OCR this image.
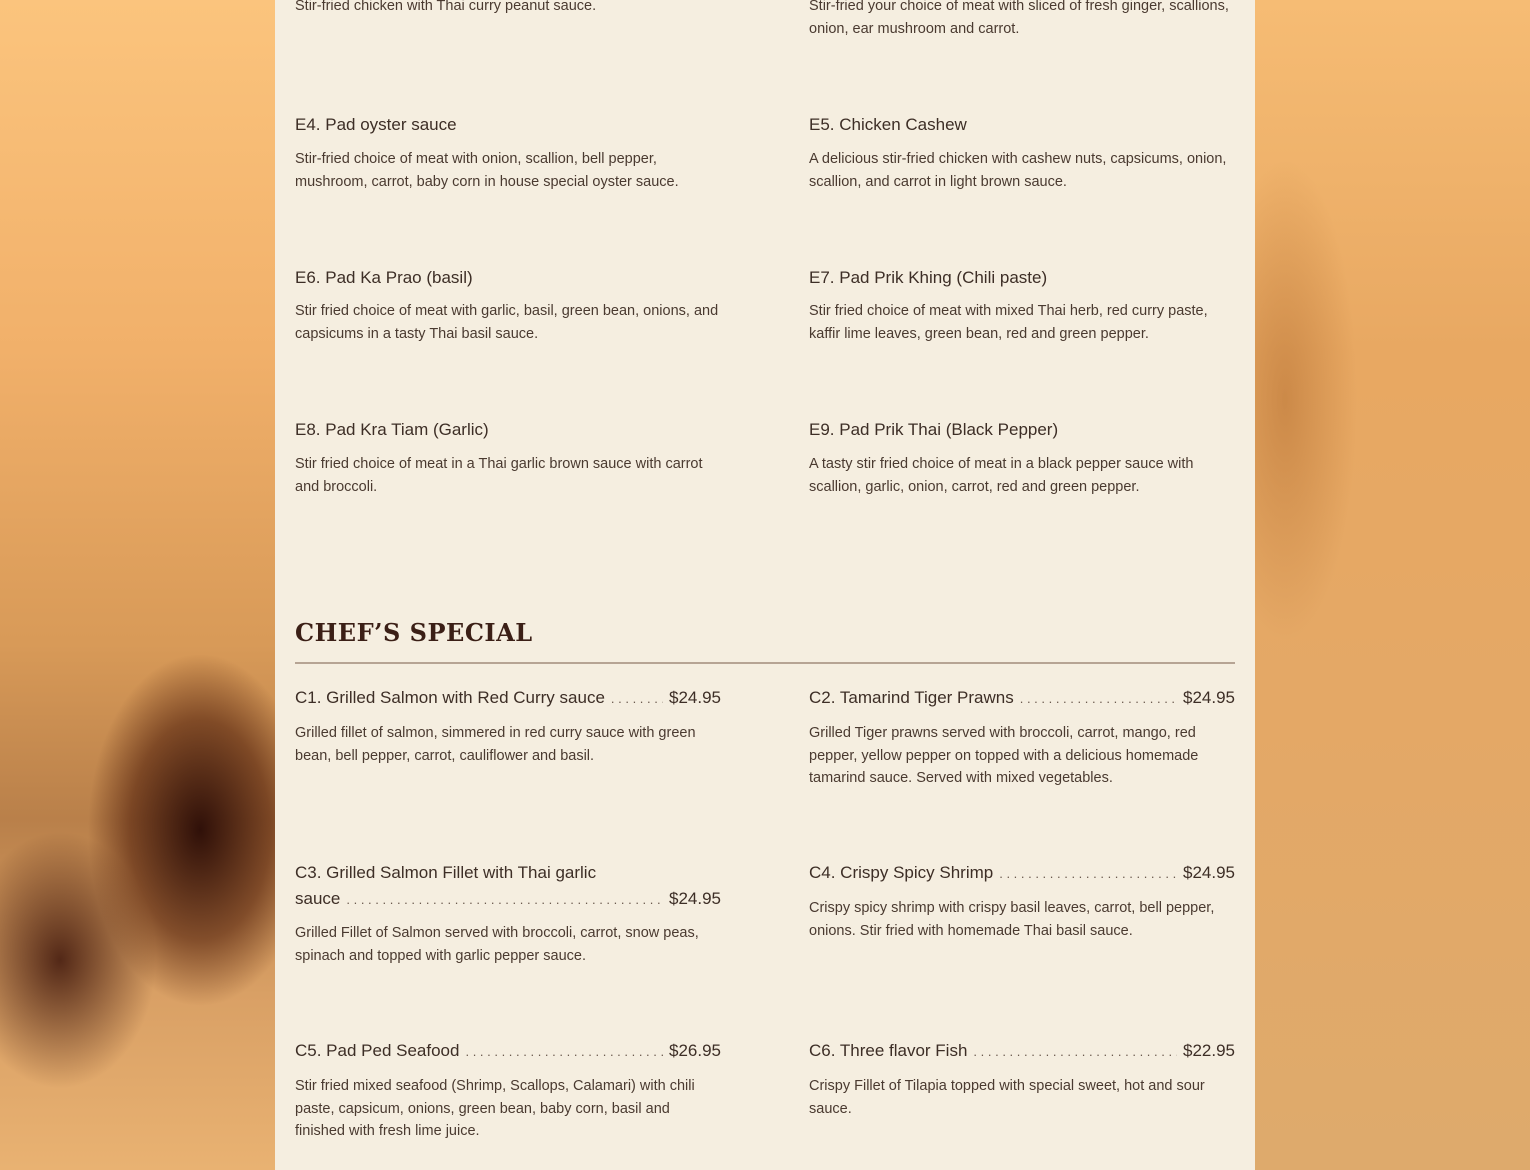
Stir-fried chicken with Thai curry peanut sauce.	Stir-fried your choice of meat with sliced of fresh ginger, scallions, onion, ear mushroom and carrot.

E4. Pad oyster sauce

Stir-fried choice of meat with onion, scallion, bell pepper, mushroom, carrot, baby corn in house special oyster sauce.

E5. Chicken Cashew

A delicious stir-fried chicken with cashew nuts, capsicums, onion, scallion, and carrot in light brown sauce.

E6. Pad Ka Prao (basil)

Stir fried choice of meat with garlic, basil, green bean, onions, and capsicums in a tasty Thai basil sauce.

E7. Pad Prik Khing (Chili paste)

Stir fried choice of meat with mixed Thai herb, red curry paste, kaffir lime leaves, green bean, red and green pepper.

E8. Pad Kra Tiam (Garlic)

Stir fried choice of meat in a Thai garlic brown sauce with carrot and broccoli.

E9. Pad Prik Thai (Black Pepper)

A tasty stir fried choice of meat in a black pepper sauce with scallion, garlic, onion, carrot, red and green pepper.

CHEF’S SPECIAL
C1. Grilled Salmon with Red Curry sauce . . .	$24.95

Grilled fillet of salmon, simmered in red curry sauce with green bean, bell pepper, carrot, cauliflower and basil.

C2. Tamarind Tiger Prawns . . .	$24.95

Grilled Tiger prawns served with broccoli, carrot, mango, red pepper, yellow pepper on topped with a delicious homemade tamarind sauce. Served with mixed vegetables.

C3. Grilled Salmon Fillet with Thai garlic
sauce . . .	$24.95

Grilled Fillet of Salmon served with broccoli, carrot, snow peas, spinach and topped with garlic pepper sauce.

C4. Crispy Spicy Shrimp . . .	$24.95

Crispy spicy shrimp with crispy basil leaves, carrot, bell pepper, onions. Stir fried with homemade Thai basil sauce.

C5. Pad Ped Seafood . . .	$26.95

Stir fried mixed seafood (Shrimp, Scallops, Calamari) with chili paste, capsicum, onions, green bean, baby corn, basil and finished with fresh lime juice.

C6. Three flavor Fish . . .	$22.95

Crispy Fillet of Tilapia topped with special sweet, hot and sour sauce.
